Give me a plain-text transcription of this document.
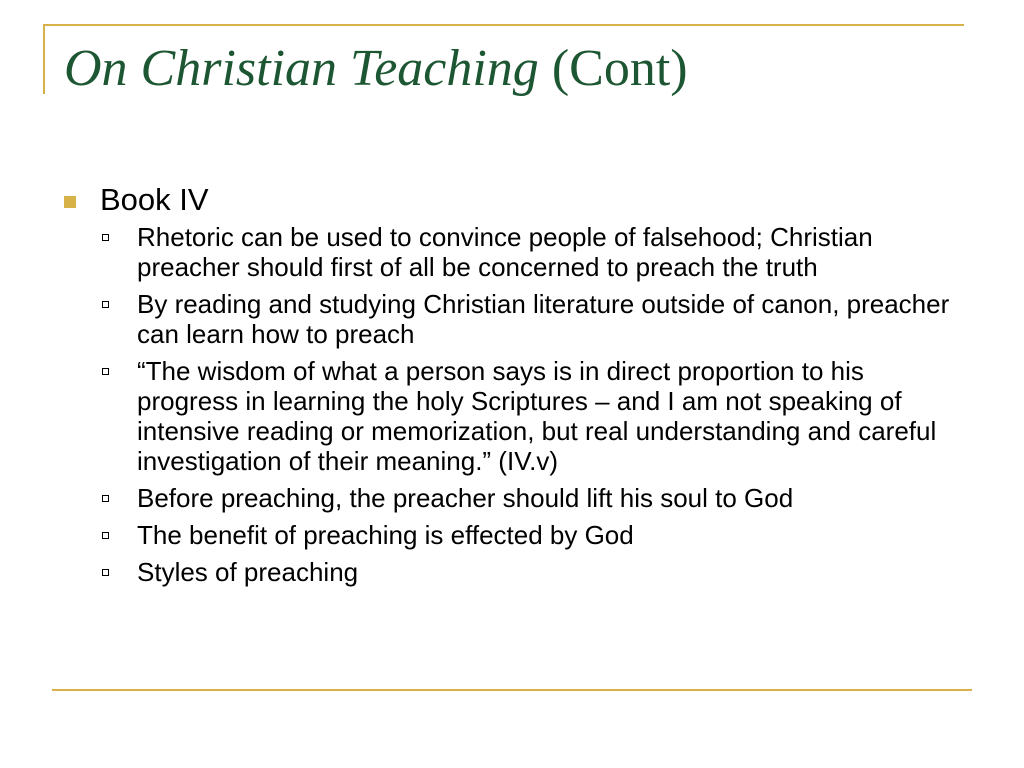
On Christian Teaching (Cont)
Book IV
Rhetoric can be used to convince people of falsehood; Christian preacher should first of all be concerned to preach the truth
By reading and studying Christian literature outside of canon, preacher can learn how to preach
“The wisdom of what a person says is in direct proportion to his progress in learning the holy Scriptures – and I am not speaking of intensive reading or memorization, but real understanding and careful investigation of their meaning.” (IV.v)
Before preaching, the preacher should lift his soul to God
The benefit of preaching is effected by God
Styles of preaching
